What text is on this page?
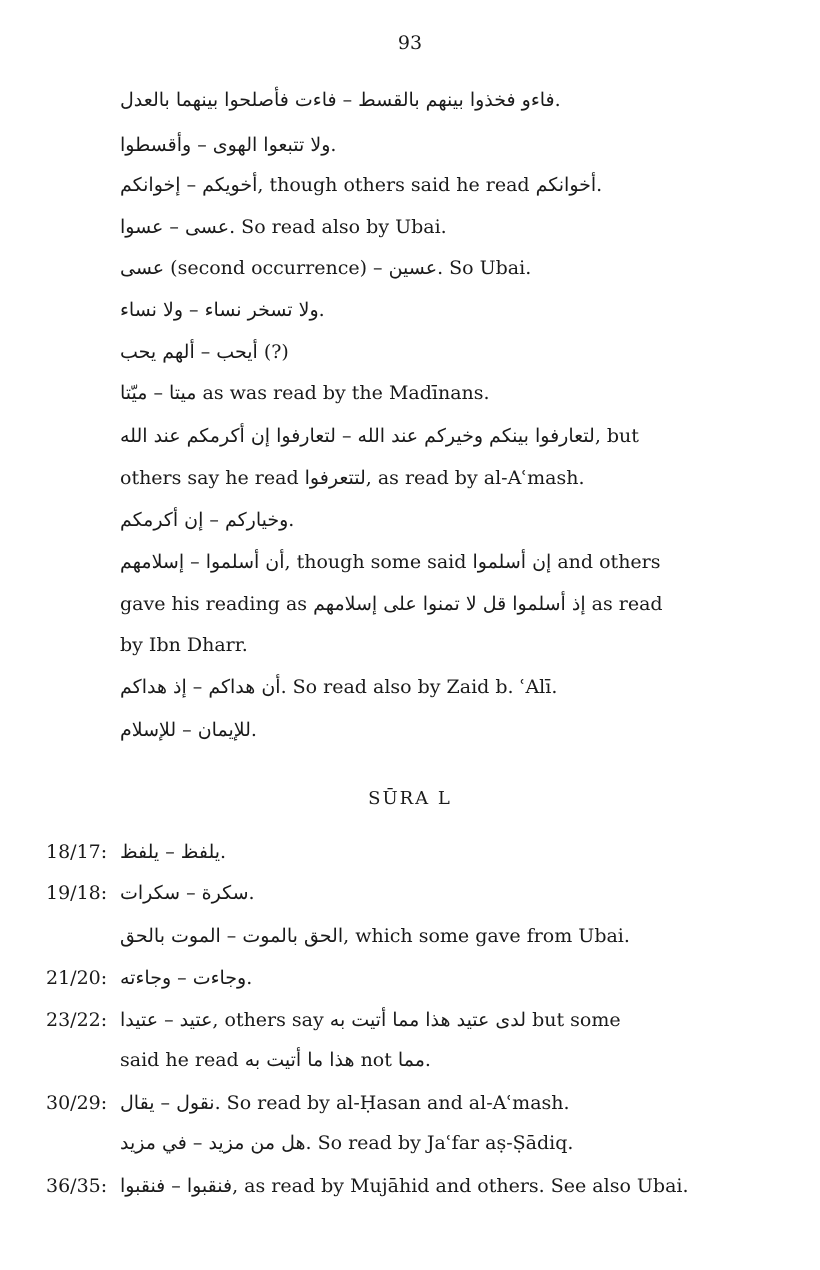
93
فاءو فخذوا بينهم بالقسط – فاءت فأصلحوا بينهما بالعدل.
ولا تتبعوا الهوى – وأقسطوا.
أخويكم – إخوانكم, though others said he read أخوانكم.
عسى – عسوا. So read also by Ubai.
عسى (second occurrence) – عسين. So Ubai.
ولا تسخر نساء – ولا نساء.
أيحب – ألهم يحب (?)
ميتا – ميّتا as was read by the Madīnans.
لتعارفوا بينكم وخيركم عند الله – لتعارفوا إن أكرمكم عند الله, but
others say he read لتتعرفوا, as read by al-Aʿmash.
وخياركم – إن أكرمكم.
أن أسلموا – إسلامهم, though some said إن أسلموا and others
gave his reading as إذ أسلموا قل لا تمنوا على إسلامهم as read
by Ibn Dharr.
أن هداكم – إذ هداكم. So read also by Zaid b. ʿAlī.
للإيمان – للإسلام.
SŪRA L
18/17: يلفظ – يلفظ.
19/18: سكرة – سكرات.
الحق بالموت – الموت بالحق, which some gave from Ubai.
21/20: وجاءت – وجاءته.
23/22: عتيد – عتيدا, others say لدى عتيد هذا مما أتيت به but some
said he read هذا ما أتيت به not مما.
30/29: نقول – يقال. So read by al-Ḥasan and al-Aʿmash.
هل من مزيد – في مزيد. So read by Jaʿfar aṣ-Ṣādiq.
36/35: فنقبوا – فنقبوا, as read by Mujāhid and others. See also Ubai.
